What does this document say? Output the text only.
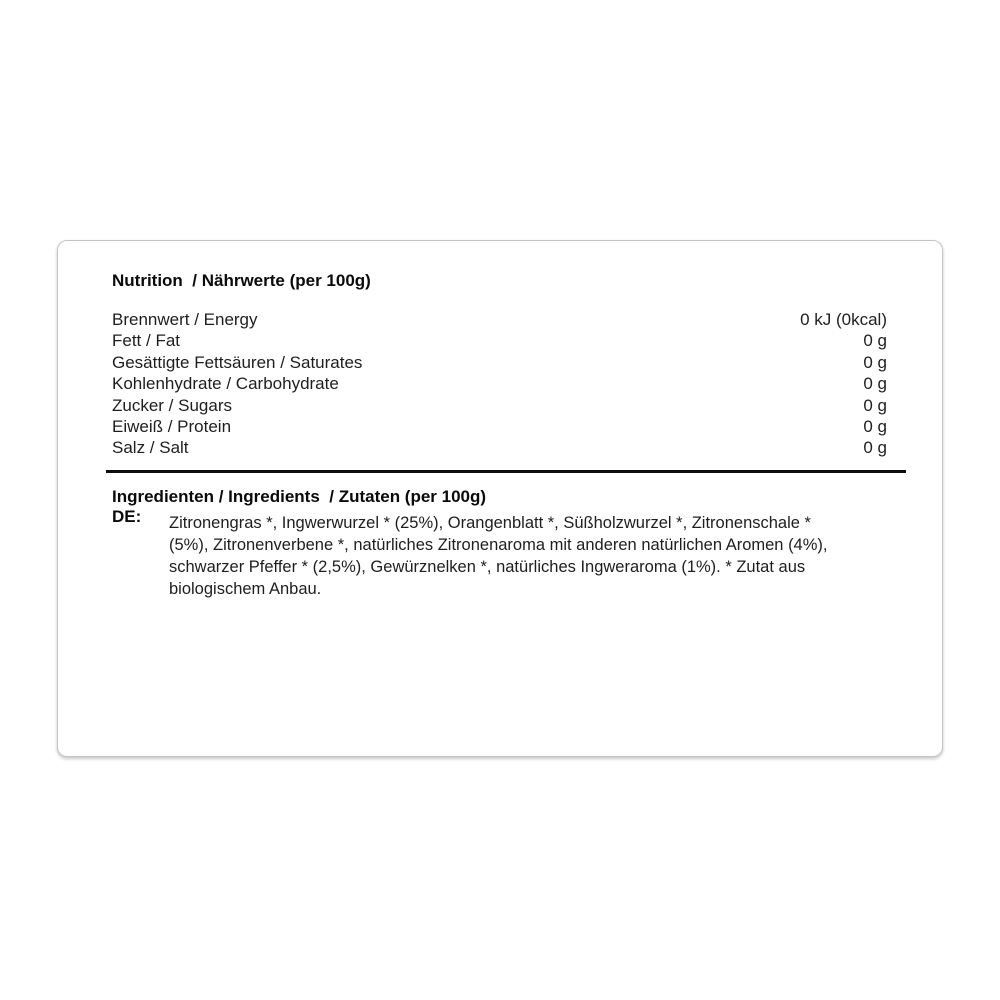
Nutrition  / Nährwerte (per 100g)
Brennwert / Energy	0 kJ (0kcal)
Fett / Fat	0 g
Gesättigte Fettsäuren / Saturates	0 g
Kohlenhydrate / Carbohydrate	0 g
Zucker / Sugars	0 g
Eiweiß / Protein	0 g
Salz / Salt	0 g
Ingredienten / Ingredients  / Zutaten (per 100g)
DE: Zitronengras *, Ingwerwurzel * (25%), Orangenblatt *, Süßholzwurzel *, Zitronenschale *
(5%), Zitronenverbene *, natürliches Zitronenaroma mit anderen natürlichen Aromen (4%),
schwarzer Pfeffer * (2,5%), Gewürznelken *, natürliches Ingweraroma (1%). * Zutat aus
biologischem Anbau.
